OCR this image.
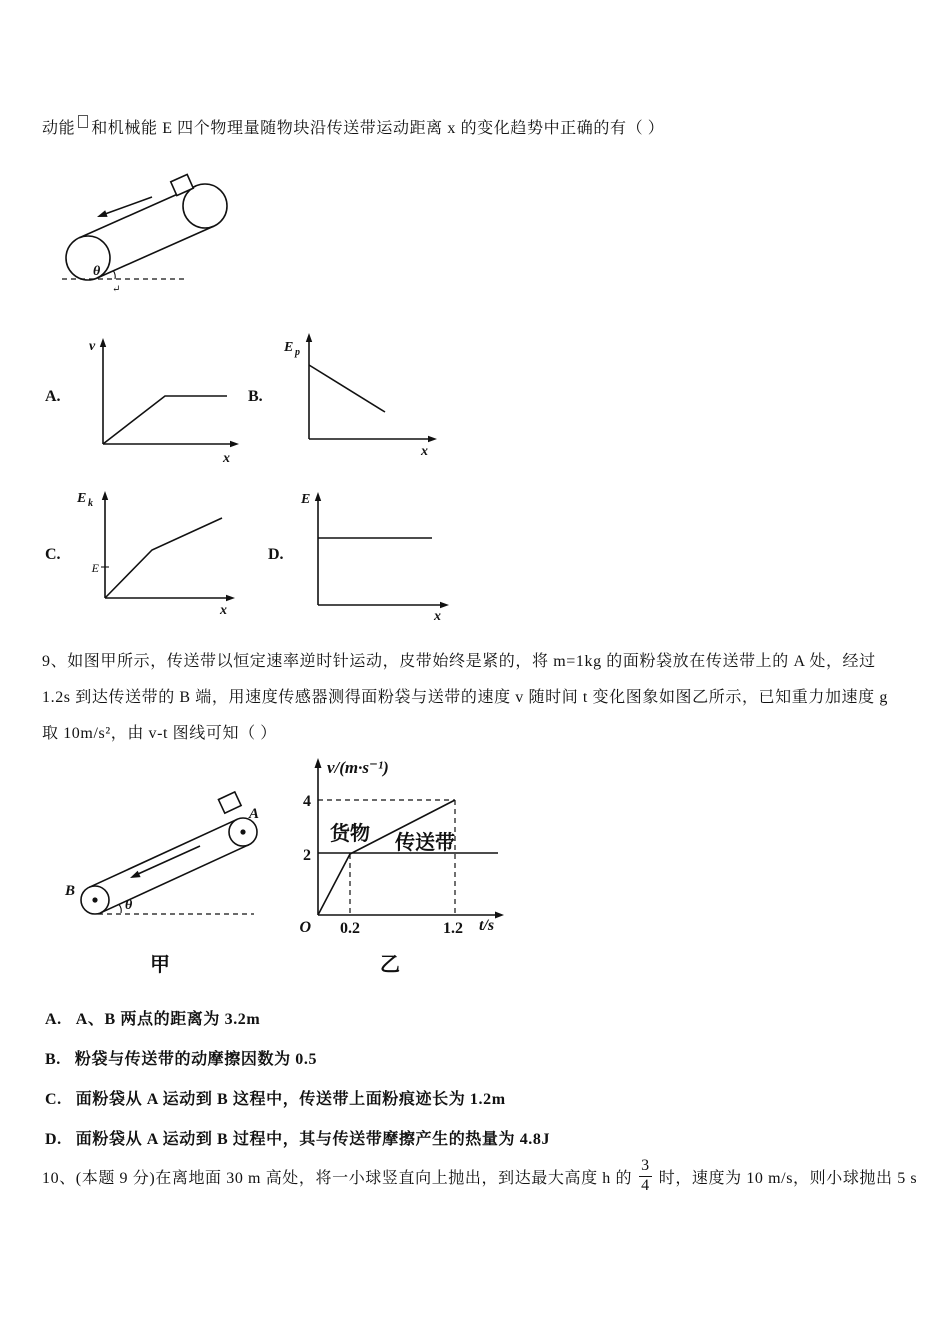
动能 和机械能 E 四个物理量随物块沿传送带运动距离 x 的变化趋势中正确的有（ ）
θ
↵
A.
v
x
B.
E p
x
C.
E
E k
x
D.
E
x
9、如图甲所示，传送带以恒定速率逆时针运动，皮带始终是紧的，将 m=1kg 的面粉袋放在传送带上的 A 处，经过
1.2s 到达传送带的 B 端，用速度传感器测得面粉袋与送带的速度 v 随时间 t 变化图象如图乙所示，已知重力加速度 g
取 10m/s²，由 v-t 图线可知（ ）
A
B
θ
甲
v/(m·s⁻¹)
t/s
O
4
2
0.2	1.2
货物 传送带
乙
A. A、B 两点的距离为 3.2m
B. 粉袋与传送带的动摩擦因数为 0.5
C. 面粉袋从 A 运动到 B 这程中，传送带上面粉痕迹长为 1.2m
D. 面粉袋从 A 运动到 B 过程中，其与传送带摩擦产生的热量为 4.8J
10、(本题 9 分)在离地面 30 m 高处，将一小球竖直向上抛出，到达最大高度 h 的 $\frac{3}{4}$ 时，速度为 10 m/s，则小球抛出 5 s
